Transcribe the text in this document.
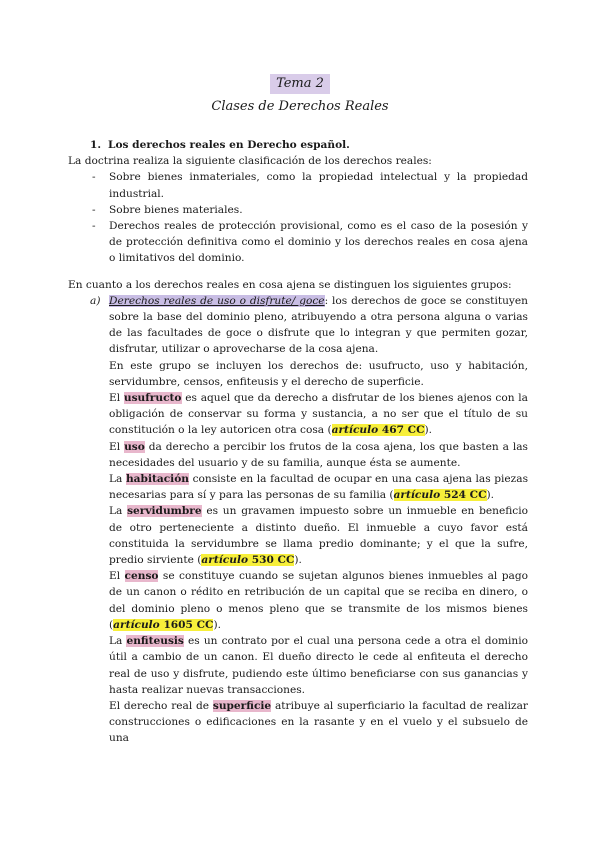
Tema 2
Clases de Derechos Reales
1. Los derechos reales en Derecho español.

La doctrina realiza la siguiente clasificación de los derechos reales:

- Sobre bienes inmateriales, como la propiedad intelectual y la propiedad industrial.
- Sobre bienes materiales.
- Derechos reales de protección provisional, como es el caso de la posesión y de protección definitiva como el dominio y los derechos reales en cosa ajena o limitativos del dominio.

En cuanto a los derechos reales en cosa ajena se distinguen los siguientes grupos:

a) Derechos reales de uso o disfrute/ goce: los derechos de goce se constituyen sobre la base del dominio pleno, atribuyendo a otra persona alguna o varias de las facultades de goce o disfrute que lo integran y que permiten gozar, disfrutar, utilizar o aprovecharse de la cosa ajena.

En este grupo se incluyen los derechos de: usufructo, uso y habitación, servidumbre, censos, enfiteusis y el derecho de superficie.

El usufructo es aquel que da derecho a disfrutar de los bienes ajenos con la obligación de conservar su forma y sustancia, a no ser que el título de su constitución o la ley autoricen otra cosa (artículo 467 CC).

El uso da derecho a percibir los frutos de la cosa ajena, los que basten a las necesidades del usuario y de su familia, aunque ésta se aumente.

La habitación consiste en la facultad de ocupar en una casa ajena las piezas necesarias para sí y para las personas de su familia (artículo 524 CC).

La servidumbre es un gravamen impuesto sobre un inmueble en beneficio de otro perteneciente a distinto dueño. El inmueble a cuyo favor está constituida la servidumbre se llama predio dominante; y el que la sufre, predio sirviente (artículo 530 CC).

El censo se constituye cuando se sujetan algunos bienes inmuebles al pago de un canon o rédito en retribución de un capital que se reciba en dinero, o del dominio pleno o menos pleno que se transmite de los mismos bienes (artículo 1605 CC).

La enfiteusis es un contrato por el cual una persona cede a otra el dominio útil a cambio de un canon. El dueño directo le cede al enfiteuta el derecho real de uso y disfrute, pudiendo este último beneficiarse con sus ganancias y hasta realizar nuevas transacciones.

El derecho real de superficie atribuye al superficiario la facultad de realizar construcciones o edificaciones en la rasante y en el vuelo y el subsuelo de una
